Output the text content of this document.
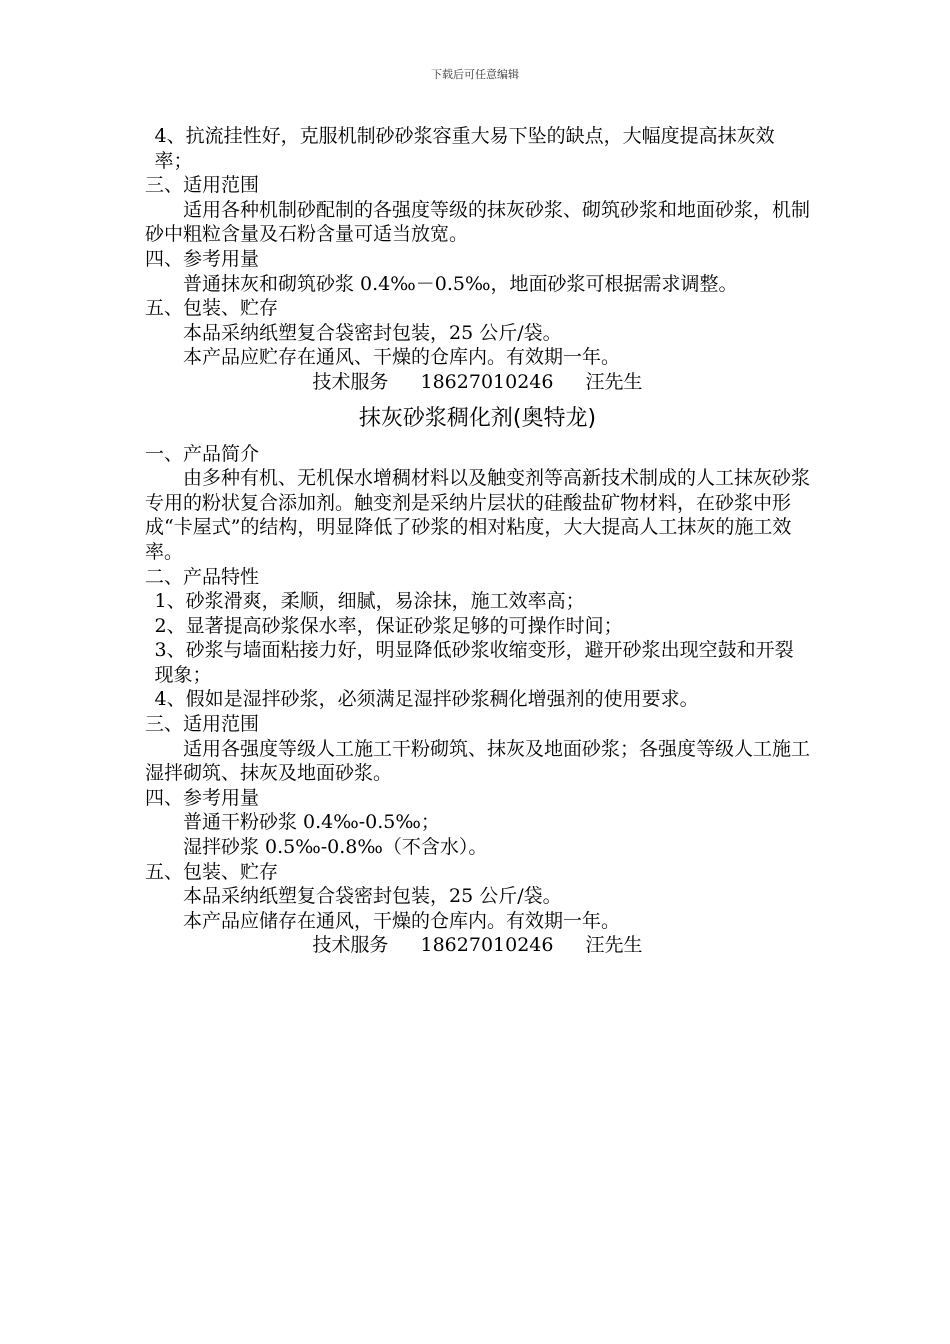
下载后可任意编辑

4、抗流挂性好，克服机制砂砂浆容重大易下坠的缺点，大幅度提高抹灰效率；

三、适用范围

适用各种机制砂配制的各强度等级的抹灰砂浆、砌筑砂浆和地面砂浆，机制砂中粗粒含量及石粉含量可适当放宽。

四、参考用量

普通抹灰和砌筑砂浆 0.4‰－0.5‰，地面砂浆可根据需求调整。

五、包装、贮存

本品采纳纸塑复合袋密封包装，25 公斤/袋。

本产品应贮存在通风、干燥的仓库内。有效期一年。

技术服务 18627010246 汪先生

抹灰砂浆稠化剂(奥特龙)

一、产品简介

由多种有机、无机保水增稠材料以及触变剂等高新技术制成的人工抹灰砂浆专用的粉状复合添加剂。触变剂是采纳片层状的硅酸盐矿物材料，在砂浆中形成“卡屋式”的结构，明显降低了砂浆的相对粘度，大大提高人工抹灰的施工效率。

二、产品特性

1、砂浆滑爽，柔顺，细腻，易涂抹，施工效率高；

2、显著提高砂浆保水率，保证砂浆足够的可操作时间；

3、砂浆与墙面粘接力好，明显降低砂浆收缩变形，避开砂浆出现空鼓和开裂现象；

4、假如是湿拌砂浆，必须满足湿拌砂浆稠化增强剂的使用要求。

三、适用范围

适用各强度等级人工施工干粉砌筑、抹灰及地面砂浆；各强度等级人工施工湿拌砌筑、抹灰及地面砂浆。

四、参考用量

普通干粉砂浆 0.4‰-0.5‰；

湿拌砂浆 0.5‰-0.8‰（不含水）。

五、包装、贮存

本品采纳纸塑复合袋密封包装，25 公斤/袋。

本产品应储存在通风，干燥的仓库内。有效期一年。

技术服务 18627010246 汪先生
